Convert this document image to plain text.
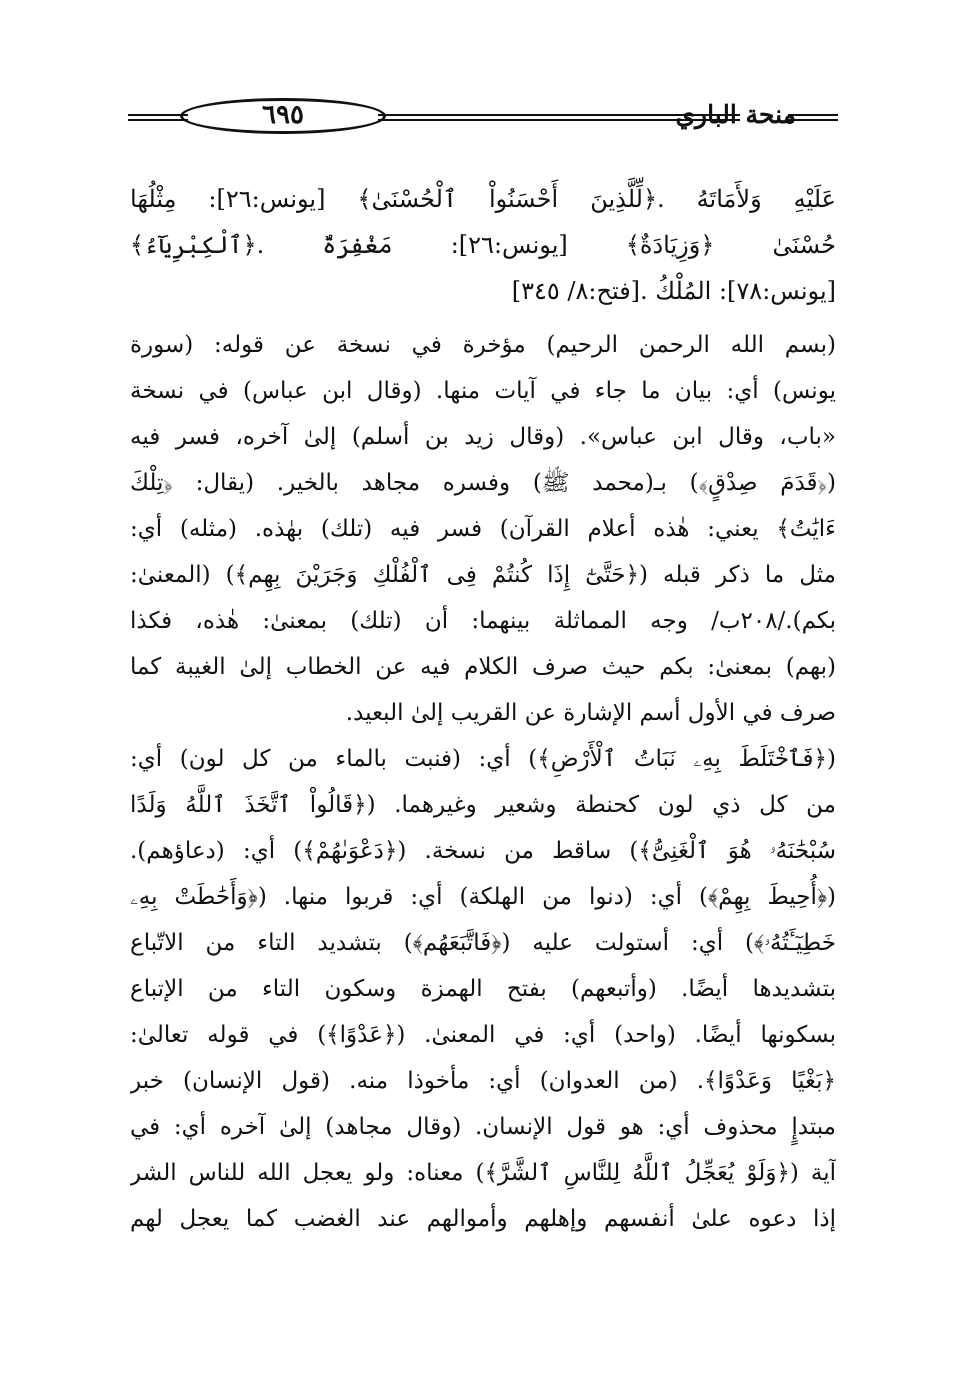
٦٩٥	منحة الباري
عَلَيْهِ وَلأَمَاتَهُ .﴿لِّلَّذِينَ أَحْسَنُواْ ٱلْحُسْنَىٰ﴾ [يونس:٢٦]: مِثْلُهَا
حُسْنَىٰ ﴿وَزِيَادَةٌ﴾ [يونس:٢٦]: مَغْفِرَةٌ .﴿ٱلْكِبْرِيَآءُ﴾
[يونس:٧٨]: المُلْكُ .[فتح:٨/ ٣٤٥]
(بسم الله الرحمن الرحيم) مؤخرة في نسخة عن قوله: (سورة
يونس) أي: بيان ما جاء في آيات منها. (وقال ابن عباس) في نسخة
«باب، وقال ابن عباس». (وقال زيد بن أسلم) إلىٰ آخره، فسر فيه
(﴿قَدَمَ صِدْقٍ﴾) بـ(محمد ﷺ) وفسره مجاهد بالخير. (يقال: ﴿تِلْكَ
ءَايَٰتُ﴾ يعني: هٰذه أعلام القرآن) فسر فيه (تلك) بهٰذه. (مثله) أي:
مثل ما ذكر قبله (﴿حَتَّىٰٓ إِذَا كُنتُمْ فِى ٱلْفُلْكِ وَجَرَيْنَ بِهِم﴾) (المعنىٰ:
بكم)./٢٠٨ب/ وجه المماثلة بينهما: أن (تلك) بمعنىٰ: هٰذه، فكذا
(بهم) بمعنىٰ: بكم حيث صرف الكلام فيه عن الخطاب إلىٰ الغيبة كما
صرف في الأول أسم الإشارة عن القريب إلىٰ البعيد.
(﴿فَٱخْتَلَطَ بِهِۦ نَبَاتُ ٱلْأَرْضِ﴾) أي: (فنبت بالماء من كل لون) أي:
من كل ذي لون كحنطة وشعير وغيرهما. (﴿قَالُواْ ٱتَّخَذَ ٱللَّهُ وَلَدًا
سُبْحَٰنَهُۥ هُوَ ٱلْغَنِىُّ﴾) ساقط من نسخة. (﴿دَعْوَىٰهُمْ﴾) أي: (دعاؤهم).
(﴿أُحِيطَ بِهِمْ﴾) أي: (دنوا من الهلكة) أي: قربوا منها. (﴿وَأَحَٰطَتْ بِهِۦ
خَطِيٓـَٔتُهُۥ﴾) أي: أستولت عليه (﴿فَاتَّبَعَهُم﴾) بتشديد التاء من الاتّباع
بتشديدها أيضًا. (وأتبعهم) بفتح الهمزة وسكون التاء من الإتباع
بسكونها أيضًا. (واحد) أي: في المعنىٰ. (﴿عَدْوًا﴾) في قوله تعالىٰ:
﴿بَغْيًا وَعَدْوًا﴾. (من العدوان) أي: مأخوذا منه. (قول الإنسان) خبر
مبتدإٍ محذوف أي: هو قول الإنسان. (وقال مجاهد) إلىٰ آخره أي: في
آية (﴿وَلَوْ يُعَجِّلُ ٱللَّهُ لِلنَّاسِ ٱلشَّرَّ﴾) معناه: ولو يعجل الله للناس الشر
إذا دعوه علىٰ أنفسهم وإهلهم وأموالهم عند الغضب كما يعجل لهم
